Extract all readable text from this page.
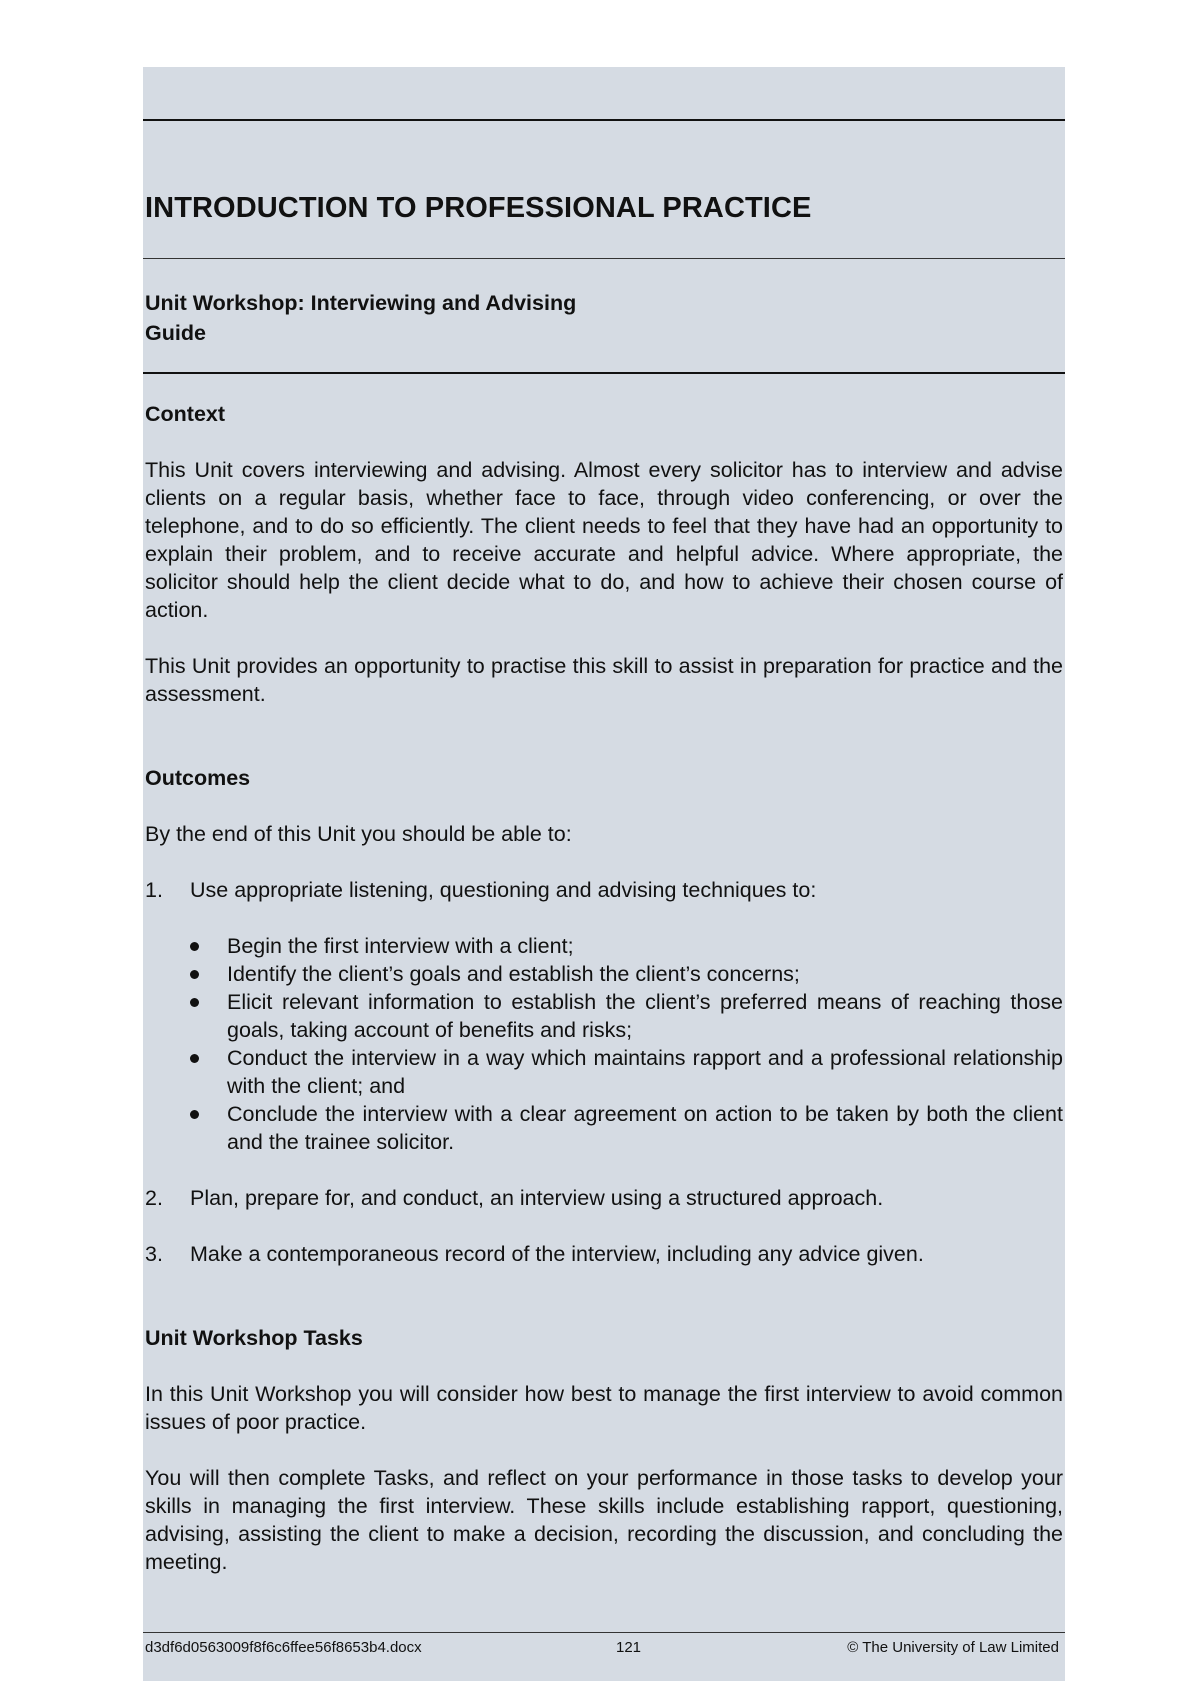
INTRODUCTION TO PROFESSIONAL PRACTICE
Unit Workshop: Interviewing and Advising
Guide
Context

This Unit covers interviewing and advising. Almost every solicitor has to interview and advise clients on a regular basis, whether face to face, through video conferencing, or over the telephone, and to do so efficiently. The client needs to feel that they have had an opportunity to explain their problem, and to receive accurate and helpful advice. Where appropriate, the solicitor should help the client decide what to do, and how to achieve their chosen course of action.

This Unit provides an opportunity to practise this skill to assist in preparation for practice and the assessment.

Outcomes

By the end of this Unit you should be able to:

1.	Use appropriate listening, questioning and advising techniques to:
Begin the first interview with a client;
Identify the client’s goals and establish the client’s concerns;
Elicit relevant information to establish the client’s preferred means of reaching those goals, taking account of benefits and risks;
Conduct the interview in a way which maintains rapport and a professional relationship with the client; and
Conclude the interview with a clear agreement on action to be taken by both the client and the trainee solicitor.
2.	Plan, prepare for, and conduct, an interview using a structured approach.
3.	Make a contemporaneous record of the interview, including any advice given.
Unit Workshop Tasks

In this Unit Workshop you will consider how best to manage the first interview to avoid common issues of poor practice.

You will then complete Tasks, and reflect on your performance in those tasks to develop your skills in managing the first interview. These skills include establishing rapport, questioning, advising, assisting the client to make a decision, recording the discussion, and concluding the meeting.

d3df6d0563009f8f6c6ffee56f8653b4.docx	121	© The University of Law Limited
